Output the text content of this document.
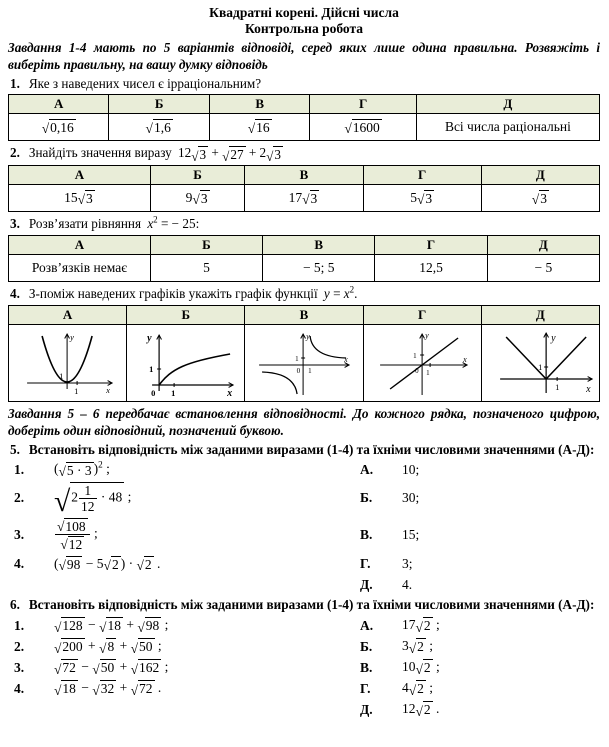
Квадратні корені. Дійсні числа
Контрольна робота

Завдання 1-4 мають по 5 варіантів відповіді, серед яких лише одина правильна. Розвяжіть і виберіть правильну, на вашу думку відповідь

1. Яке з наведених чисел є ірраціональним?
А	Б	В	Г	Д

√ 0,16	√ 1,6	√ 16	√ 1600	Всі числа раціональні
2. Знайдіть значення виразу 12 √ 3 + √ 27 + 2 √ 3
А	Б	В	Г	Д
15 √ 3	9 √ 3	17 √ 3	5 √ 3	√ 3
3. Розв’язати рівняння $x^2$ = − 25:
А	Б	В	Г	Д
Розв’язків немає	5	− 5; 5	12,5	− 5
4. З-поміж наведених графіків укажіть графік функції $y = x^2$.
А	Б	В	Г	Д

1
1
y
x	1
1
0
y
x	0 1
1
y
x	1
1
0
y
x	1
1
y
x

Завдання 5 – 6 передбачає встановлення відповідності. До кожного рядка, позначеного цифрою, доберіть один відповідний, позначений буквою.

5. Встановіть відповідність між заданими виразами (1-4) та їхніми числовими значеннями (А-Д):
1.	( √ 5 · 3 )$^2$ ;	А.	10;
2.	√ $2 \frac{1}{12} \cdot 48$ ;	Б.	30;
3.	$\frac{√ 108}{√ 12}$ ;	В.	15;
4.	( √ 98 − 5 √ 2 ) · √ 2 .	Г.	3;
Д.	4.
6. Встановіть відповідність між заданими виразами (1-4) та їхніми числовими значеннями (А-Д):
1.	√ 128 − √ 18 + √ 98 ;	А.	17 √ 2 ;
2.	√ 200 + √ 8 + √ 50 ;	Б.	3 √ 2 ;
3.	√ 72 − √ 50 + √ 162 ;	В.	10 √ 2 ;
4.	√ 18 − √ 32 + √ 72 .	Г.	4 √ 2 ;
Д.	12 √ 2 .
